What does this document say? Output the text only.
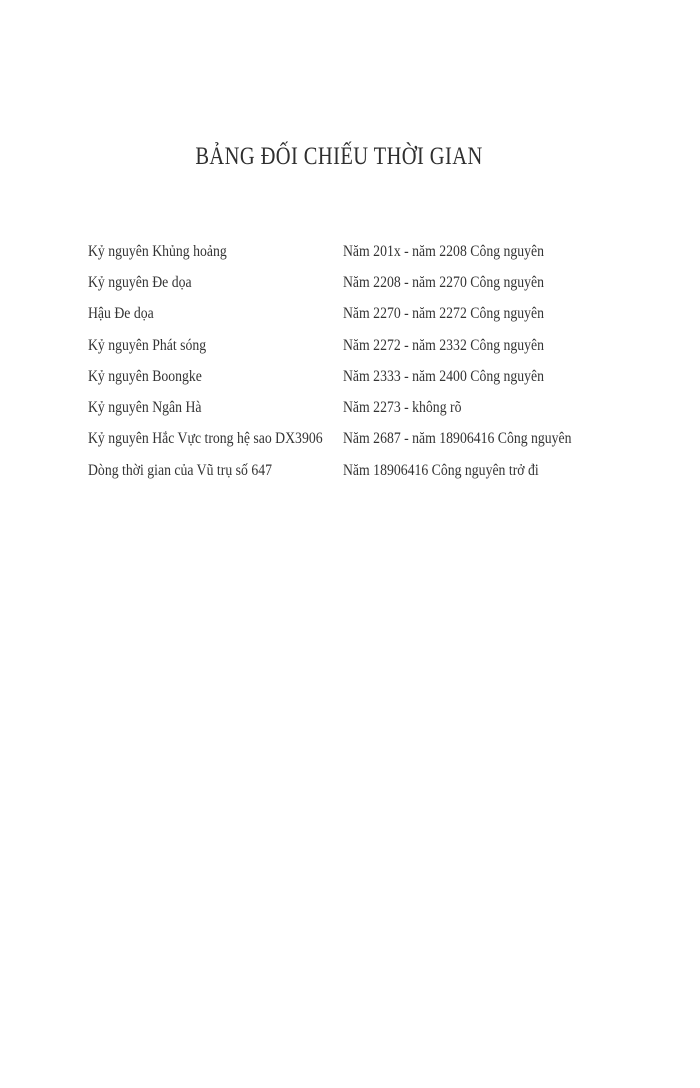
BẢNG ĐỐI CHIẾU THỜI GIAN
Kỷ nguyên Khủng hoảng	Năm 201x - năm 2208 Công nguyên
Kỷ nguyên Đe dọa	Năm 2208 - năm 2270 Công nguyên
Hậu Đe dọa	Năm 2270 - năm 2272 Công nguyên
Kỷ nguyên Phát sóng	Năm 2272 - năm 2332 Công nguyên
Kỷ nguyên Boongke	Năm 2333 - năm 2400 Công nguyên
Kỷ nguyên Ngân Hà	Năm 2273 - không rõ
Kỷ nguyên Hắc Vực trong hệ sao DX3906 Năm 2687 - năm 18906416 Công nguyên
Dòng thời gian của Vũ trụ số 647	Năm 18906416 Công nguyên trở đi
